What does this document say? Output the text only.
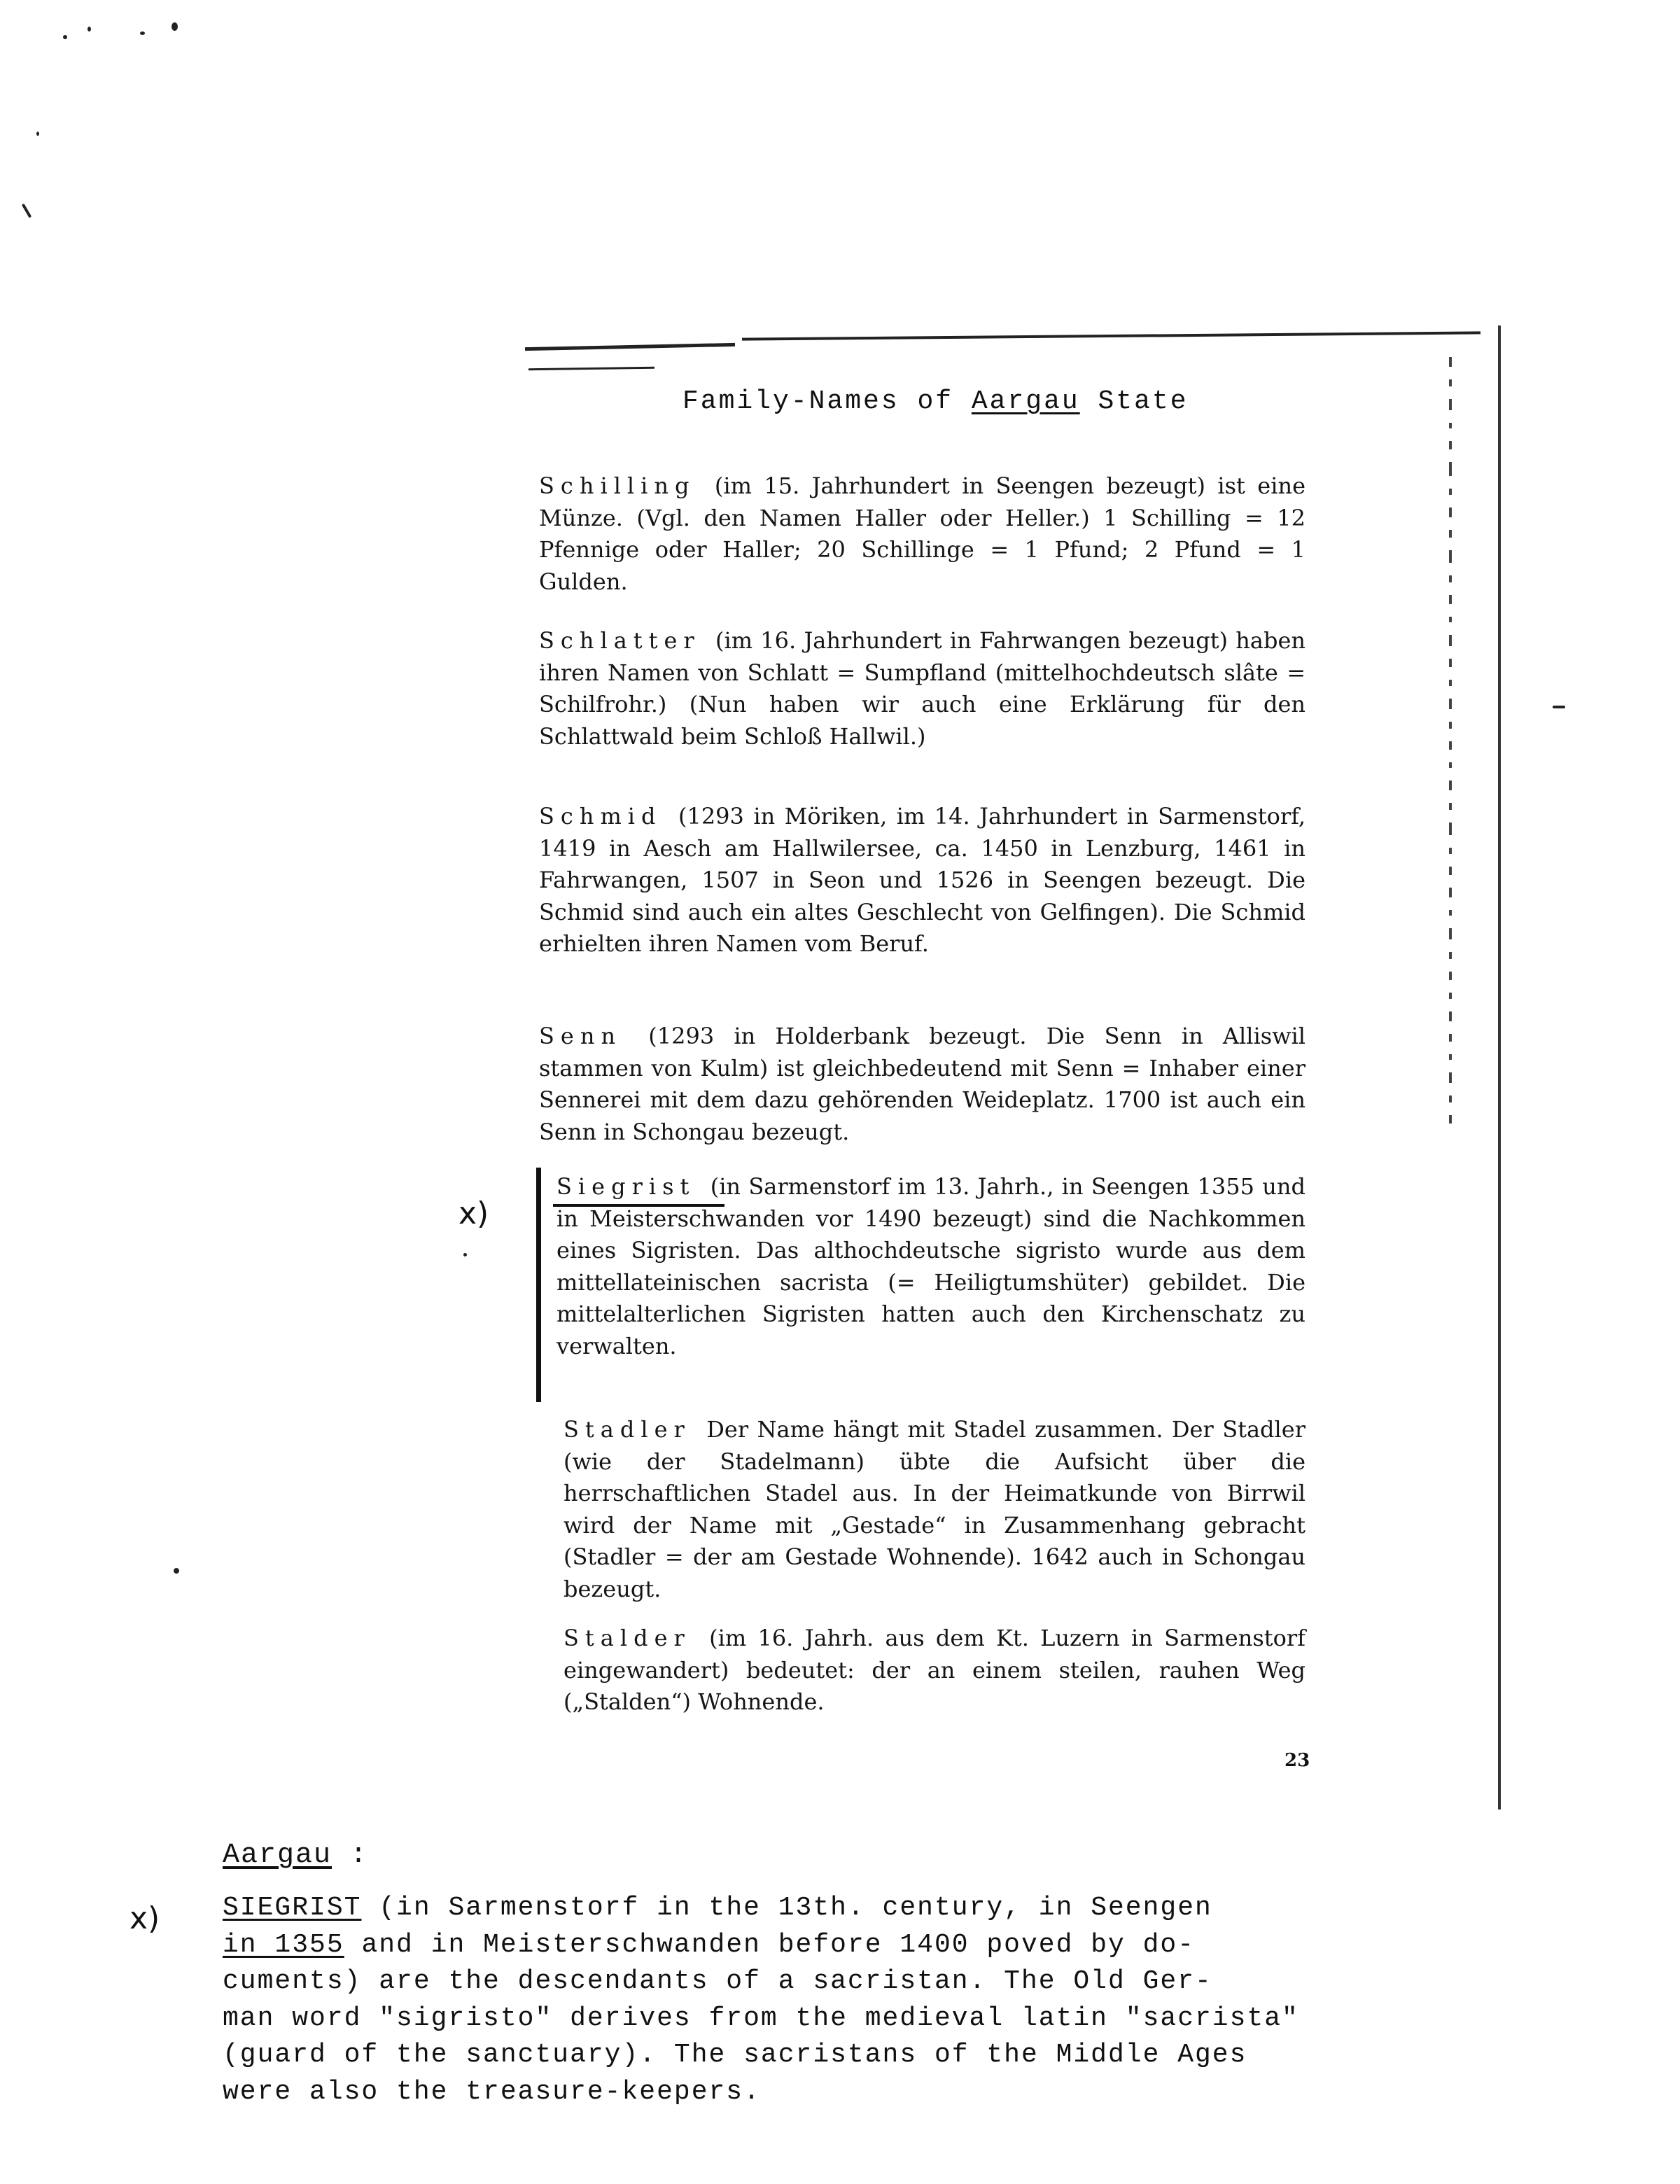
Family-Names of Aargau State
Schilling (im 15. Jahrhundert in Seengen bezeugt) ist eine Münze. (Vgl. den Namen Haller oder Heller.) 1 Schilling = 12 Pfennige oder Haller; 20 Schillinge = 1 Pfund; 2 Pfund = 1 Gulden.
Schlatter (im 16. Jahrhundert in Fahrwangen bezeugt) haben ihren Namen von Schlatt = Sumpfland (mittelhochdeutsch slâte = Schilfrohr.) (Nun haben wir auch eine Erklärung für den Schlattwald beim Schloß Hallwil.)
Schmid (1293 in Möriken, im 14. Jahrhundert in Sarmenstorf, 1419 in Aesch am Hallwilersee, ca. 1450 in Lenzburg, 1461 in Fahrwangen, 1507 in Seon und 1526 in Seengen bezeugt. Die Schmid sind auch ein altes Geschlecht von Gelfingen). Die Schmid erhielten ihren Namen vom Beruf.
Senn (1293 in Holderbank bezeugt. Die Senn in Alliswil stammen von Kulm) ist gleichbedeutend mit Senn = Inhaber einer Sennerei mit dem dazu gehörenden Weideplatz. 1700 ist auch ein Senn in Schongau bezeugt.
x)
Siegrist (in Sarmenstorf im 13. Jahrh., in Seengen 1355 und in Meisterschwanden vor 1490 bezeugt) sind die Nachkommen eines Sigristen. Das althochdeutsche sigristo wurde aus dem mittellateinischen sacrista (= Heiligtumshüter) gebildet. Die mittelalterlichen Sigristen hatten auch den Kirchenschatz zu verwalten.
Stadler Der Name hängt mit Stadel zusammen. Der Stadler (wie der Stadelmann) übte die Aufsicht über die herrschaftlichen Stadel aus. In der Heimatkunde von Birrwil wird der Name mit „Gestade“ in Zusammenhang gebracht (Stadler = der am Gestade Wohnende). 1642 auch in Schongau bezeugt.
Stalder (im 16. Jahrh. aus dem Kt. Luzern in Sarmenstorf eingewandert) bedeutet: der an einem steilen, rauhen Weg („Stalden“) Wohnende.
23
Aargau :
x) SIEGRIST (in Sarmenstorf in the 13th. century, in Seengen
in 1355 and in Meisterschwanden before 1400 poved by do-
cuments) are the descendants of a sacristan. The Old Ger-
man word "sigristo" derives from the medieval latin "sacrista"
(guard of the sanctuary). The sacristans of the Middle Ages
were also the treasure-keepers.
